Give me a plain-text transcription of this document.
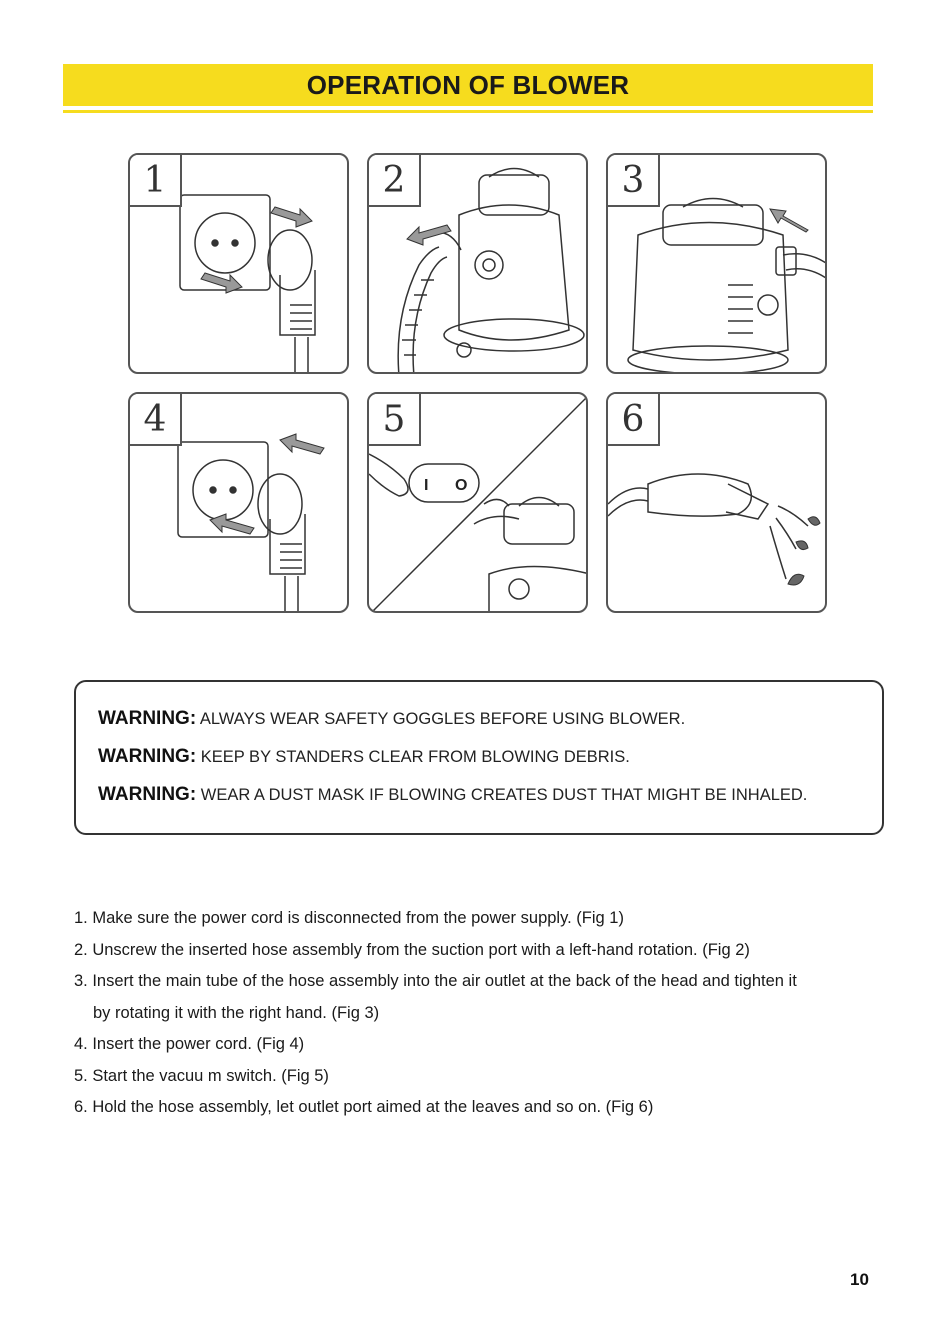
OPERATION OF BLOWER
1	2	3
4	5
I O
6
WARNING: ALWAYS WEAR SAFETY GOGGLES BEFORE USING BLOWER.
WARNING: KEEP BY STANDERS CLEAR FROM BLOWING DEBRIS.
WARNING: WEAR A DUST MASK IF BLOWING CREATES DUST THAT MIGHT BE INHALED.
1. Make sure the power cord is disconnected from the power supply. (Fig 1)
2. Unscrew the inserted hose assembly from the suction port with a left-hand rotation. (Fig 2)
3. Insert the main tube of the hose assembly into the air outlet at the back of the head and tighten it
by rotating it with the right hand. (Fig 3)
4. Insert the power cord. (Fig 4)
5. Start the vacuu m switch. (Fig 5)
6. Hold the hose assembly, let outlet port aimed at the leaves and so on. (Fig 6)
10
